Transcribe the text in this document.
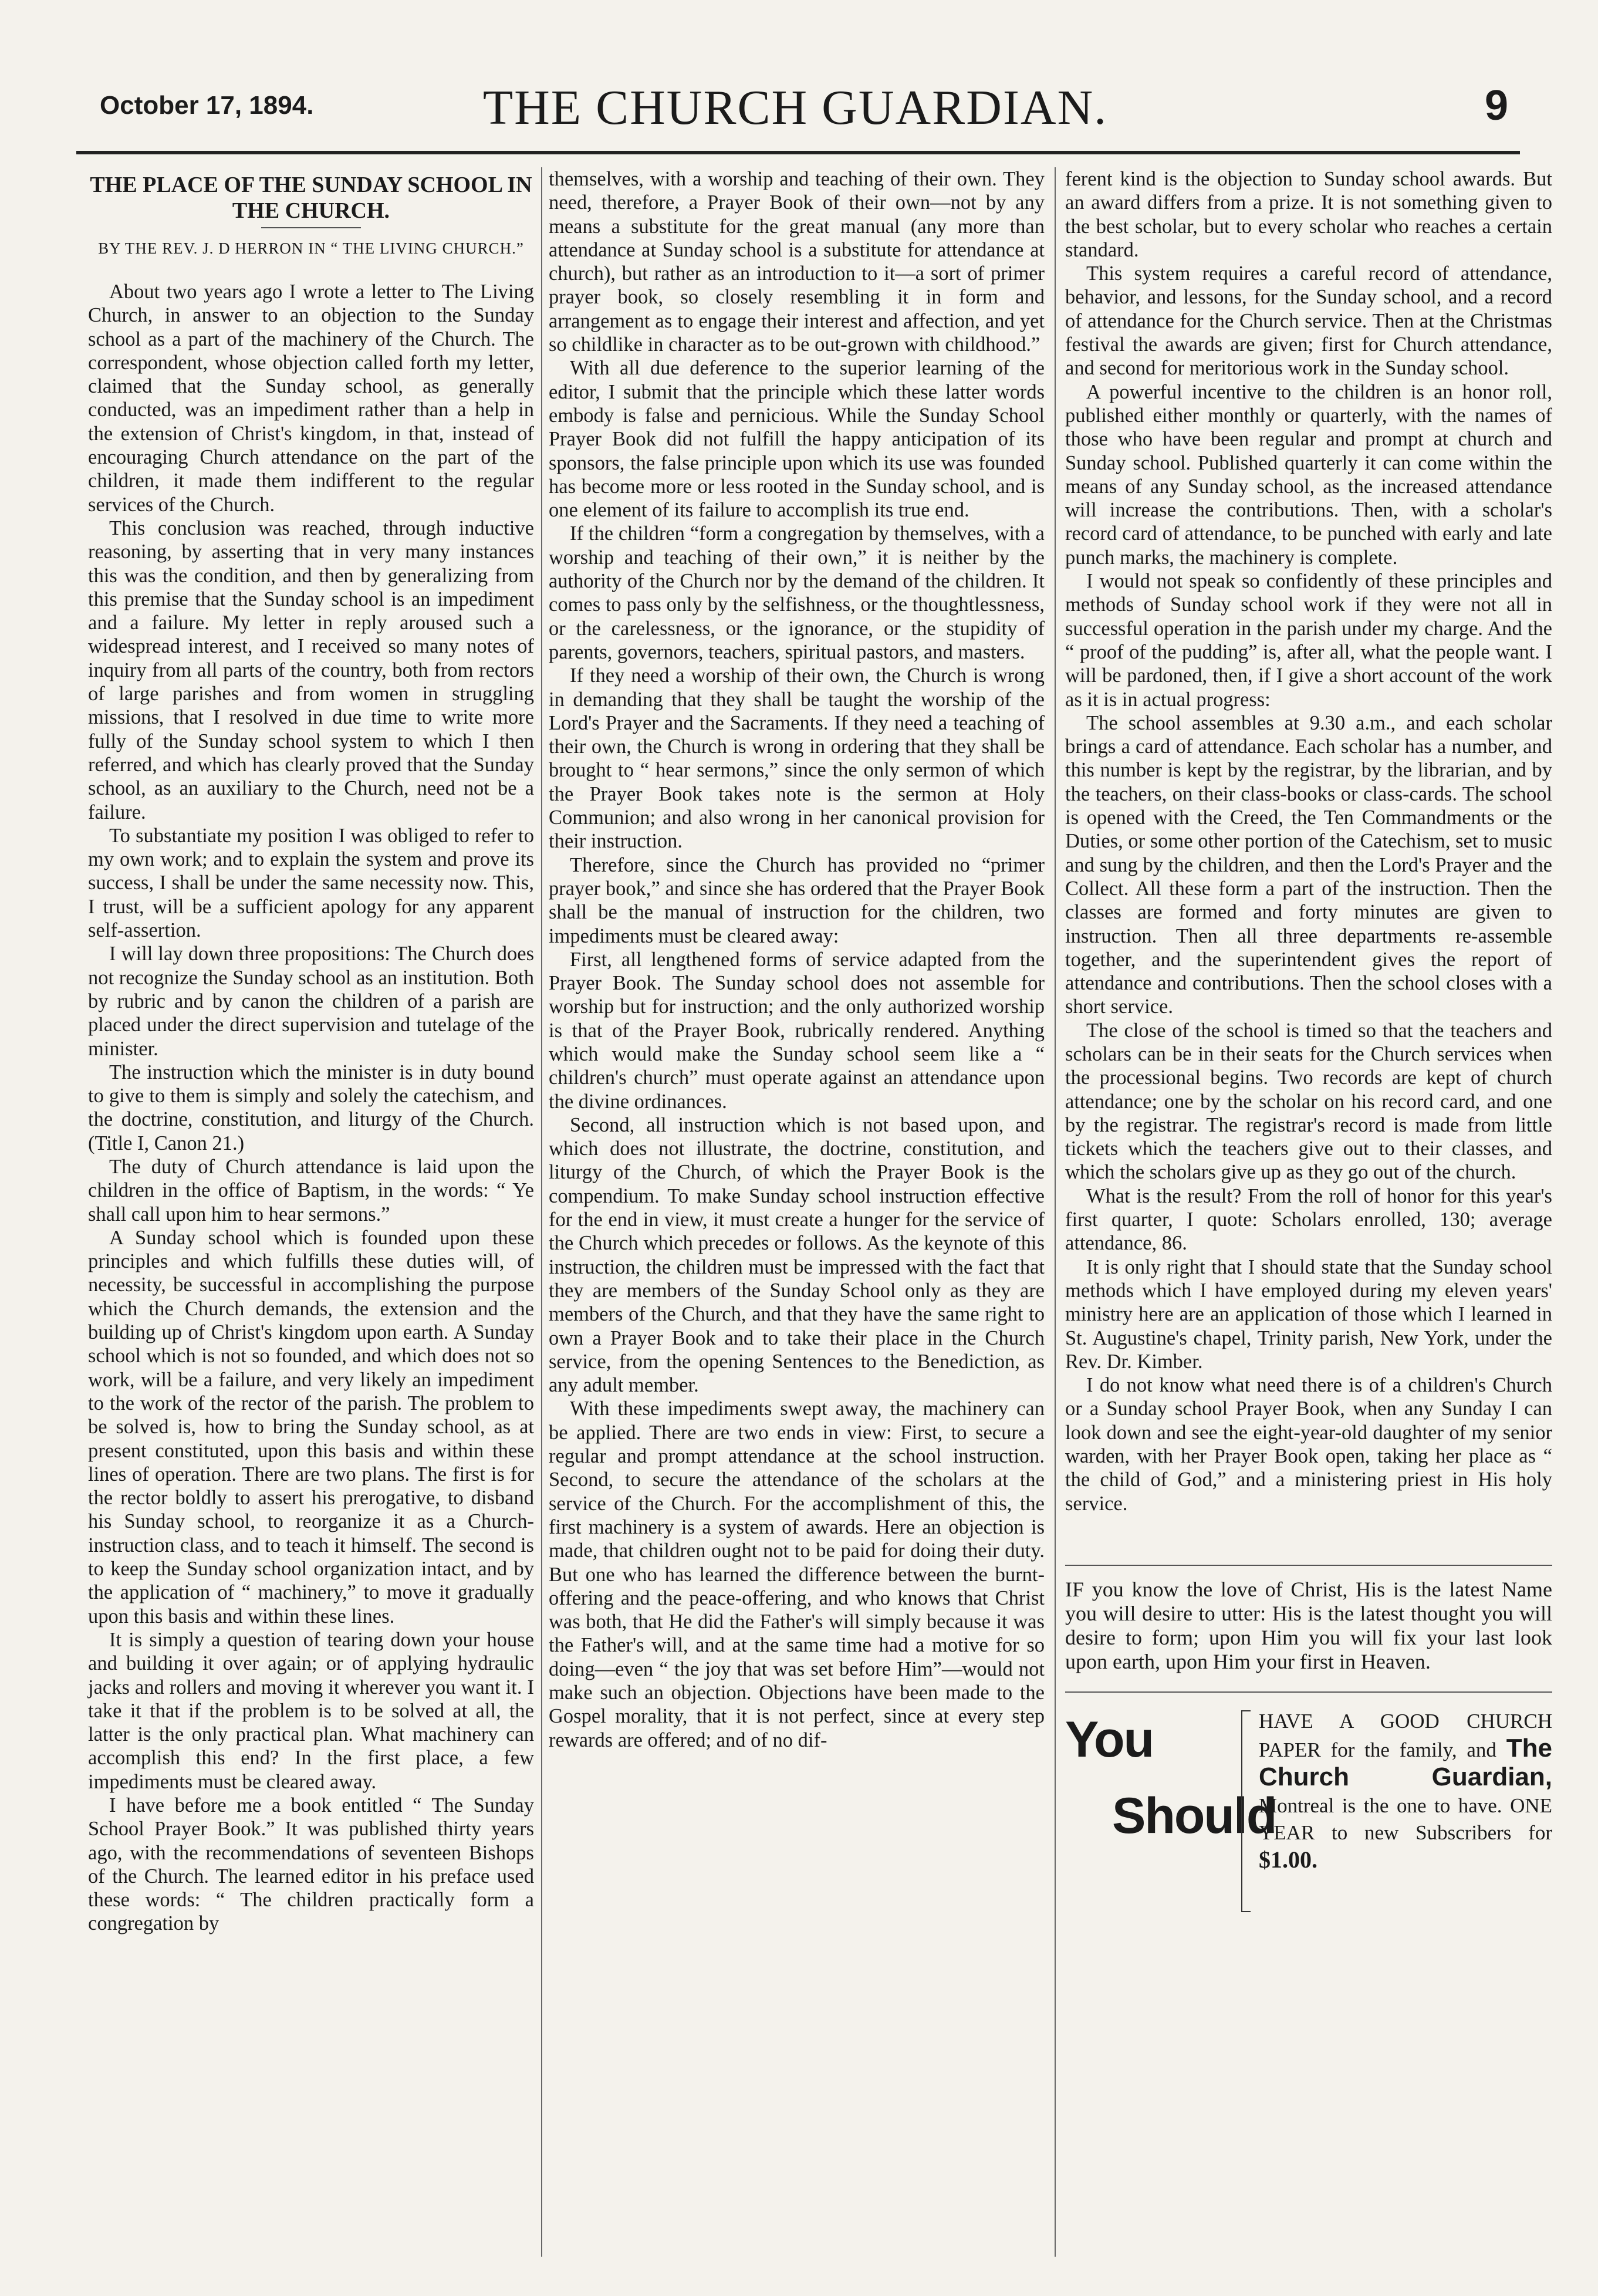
October 17, 1894.	THE CHURCH GUARDIAN.	9
THE PLACE OF THE SUNDAY SCHOOL IN THE CHURCH.
BY THE REV. J. D HERRON IN “ THE LIVING CHURCH.”

About two years ago I wrote a letter to The Living Church, in answer to an objection to the Sunday school as a part of the machinery of the Church. The correspondent, whose objection called forth my letter, claimed that the Sunday school, as generally conducted, was an impediment rather than a help in the extension of Christ's kingdom, in that, instead of encouraging Church attendance on the part of the children, it made them indifferent to the regular services of the Church.

This conclusion was reached, through inductive reasoning, by asserting that in very many instances this was the condition, and then by generalizing from this premise that the Sunday school is an impediment and a failure. My letter in reply aroused such a widespread interest, and I received so many notes of inquiry from all parts of the country, both from rectors of large parishes and from women in struggling missions, that I resolved in due time to write more fully of the Sunday school system to which I then referred, and which has clearly proved that the Sunday school, as an auxiliary to the Church, need not be a failure.

To substantiate my position I was obliged to refer to my own work; and to explain the system and prove its success, I shall be under the same necessity now. This, I trust, will be a sufficient apology for any apparent self-assertion.

I will lay down three propositions: The Church does not recognize the Sunday school as an institution. Both by rubric and by canon the children of a parish are placed under the direct supervision and tutelage of the minister.

The instruction which the minister is in duty bound to give to them is simply and solely the catechism, and the doctrine, constitution, and liturgy of the Church. (Title I, Canon 21.)

The duty of Church attendance is laid upon the children in the office of Baptism, in the words: “ Ye shall call upon him to hear sermons.”

A Sunday school which is founded upon these principles and which fulfills these duties will, of necessity, be successful in accomplishing the purpose which the Church demands, the extension and the building up of Christ's kingdom upon earth. A Sunday school which is not so founded, and which does not so work, will be a failure, and very likely an impediment to the work of the rector of the parish. The problem to be solved is, how to bring the Sunday school, as at present constituted, upon this basis and within these lines of operation. There are two plans. The first is for the rector boldly to assert his prerogative, to disband his Sunday school, to reorganize it as a Church-instruction class, and to teach it himself. The second is to keep the Sunday school organization intact, and by the application of “ machinery,” to move it gradually upon this basis and within these lines.

It is simply a question of tearing down your house and building it over again; or of applying hydraulic jacks and rollers and moving it wherever you want it. I take it that if the problem is to be solved at all, the latter is the only practical plan. What machinery can accomplish this end? In the first place, a few impediments must be cleared away.

I have before me a book entitled “ The Sunday School Prayer Book.” It was published thirty years ago, with the recommendations of seventeen Bishops of the Church. The learned editor in his preface used these words: “ The children practically form a congregation by

themselves, with a worship and teaching of their own. They need, therefore, a Prayer Book of their own—not by any means a substitute for the great manual (any more than attendance at Sunday school is a substitute for attendance at church), but rather as an introduction to it—a sort of primer prayer book, so closely resembling it in form and arrangement as to engage their interest and affection, and yet so childlike in character as to be out-grown with childhood.”

With all due deference to the superior learning of the editor, I submit that the principle which these latter words embody is false and pernicious. While the Sunday School Prayer Book did not fulfill the happy anticipation of its sponsors, the false principle upon which its use was founded has become more or less rooted in the Sunday school, and is one element of its failure to accomplish its true end.

If the children “form a congregation by themselves, with a worship and teaching of their own,” it is neither by the authority of the Church nor by the demand of the children. It comes to pass only by the selfishness, or the thoughtlessness, or the carelessness, or the ignorance, or the stupidity of parents, governors, teachers, spiritual pastors, and masters.

If they need a worship of their own, the Church is wrong in demanding that they shall be taught the worship of the Lord's Prayer and the Sacraments. If they need a teaching of their own, the Church is wrong in ordering that they shall be brought to “ hear sermons,” since the only sermon of which the Prayer Book takes note is the sermon at Holy Communion; and also wrong in her canonical provision for their instruction.

Therefore, since the Church has provided no “primer prayer book,” and since she has ordered that the Prayer Book shall be the manual of instruction for the children, two impediments must be cleared away:

First, all lengthened forms of service adapted from the Prayer Book. The Sunday school does not assemble for worship but for instruction; and the only authorized worship is that of the Prayer Book, rubrically rendered. Anything which would make the Sunday school seem like a “ children's church” must operate against an attendance upon the divine ordinances.

Second, all instruction which is not based upon, and which does not illustrate, the doctrine, constitution, and liturgy of the Church, of which the Prayer Book is the compendium. To make Sunday school instruction effective for the end in view, it must create a hunger for the service of the Church which precedes or follows. As the keynote of this instruction, the children must be impressed with the fact that they are members of the Sunday School only as they are members of the Church, and that they have the same right to own a Prayer Book and to take their place in the Church service, from the opening Sentences to the Benediction, as any adult member.

With these impediments swept away, the machinery can be applied. There are two ends in view: First, to secure a regular and prompt attendance at the school instruction. Second, to secure the attendance of the scholars at the service of the Church. For the accomplishment of this, the first machinery is a system of awards. Here an objection is made, that children ought not to be paid for doing their duty. But one who has learned the difference between the burnt-offering and the peace-offering, and who knows that Christ was both, that He did the Father's will simply because it was the Father's will, and at the same time had a motive for so doing—even “ the joy that was set before Him”—would not make such an objection. Objections have been made to the Gospel morality, that it is not perfect, since at every step rewards are offered; and of no dif-

ferent kind is the objection to Sunday school awards. But an award differs from a prize. It is not something given to the best scholar, but to every scholar who reaches a certain standard.

This system requires a careful record of attendance, behavior, and lessons, for the Sunday school, and a record of attendance for the Church service. Then at the Christmas festival the awards are given; first for Church attendance, and second for meritorious work in the Sunday school.

A powerful incentive to the children is an honor roll, published either monthly or quarterly, with the names of those who have been regular and prompt at church and Sunday school. Published quarterly it can come within the means of any Sunday school, as the increased attendance will increase the contributions. Then, with a scholar's record card of attendance, to be punched with early and late punch marks, the machinery is complete.

I would not speak so confidently of these principles and methods of Sunday school work if they were not all in successful operation in the parish under my charge. And the “ proof of the pudding” is, after all, what the people want. I will be pardoned, then, if I give a short account of the work as it is in actual progress:

The school assembles at 9.30 a.m., and each scholar brings a card of attendance. Each scholar has a number, and this number is kept by the registrar, by the librarian, and by the teachers, on their class-books or class-cards. The school is opened with the Creed, the Ten Commandments or the Duties, or some other portion of the Catechism, set to music and sung by the children, and then the Lord's Prayer and the Collect. All these form a part of the instruction. Then the classes are formed and forty minutes are given to instruction. Then all three departments re-assemble together, and the superintendent gives the report of attendance and contributions. Then the school closes with a short service.

The close of the school is timed so that the teachers and scholars can be in their seats for the Church services when the processional begins. Two records are kept of church attendance; one by the scholar on his record card, and one by the registrar. The registrar's record is made from little tickets which the teachers give out to their classes, and which the scholars give up as they go out of the church.

What is the result? From the roll of honor for this year's first quarter, I quote: Scholars enrolled, 130; average attendance, 86.

It is only right that I should state that the Sunday school methods which I have employed during my eleven years' ministry here are an application of those which I learned in St. Augustine's chapel, Trinity parish, New York, under the Rev. Dr. Kimber.

I do not know what need there is of a children's Church or a Sunday school Prayer Book, when any Sunday I can look down and see the eight-year-old daughter of my senior warden, with her Prayer Book open, taking her place as “ the child of God,” and a ministering priest in His holy service.

IF you know the love of Christ, His is the latest Name you will desire to utter: His is the latest thought you will desire to form; upon Him you will fix your last look upon earth, upon Him your first in Heaven.
You
Should
HAVE A GOOD CHURCH PAPER for the family, and The Church Guardian, Montreal is the one to have. ONE YEAR to new Subscribers for $1.00.
